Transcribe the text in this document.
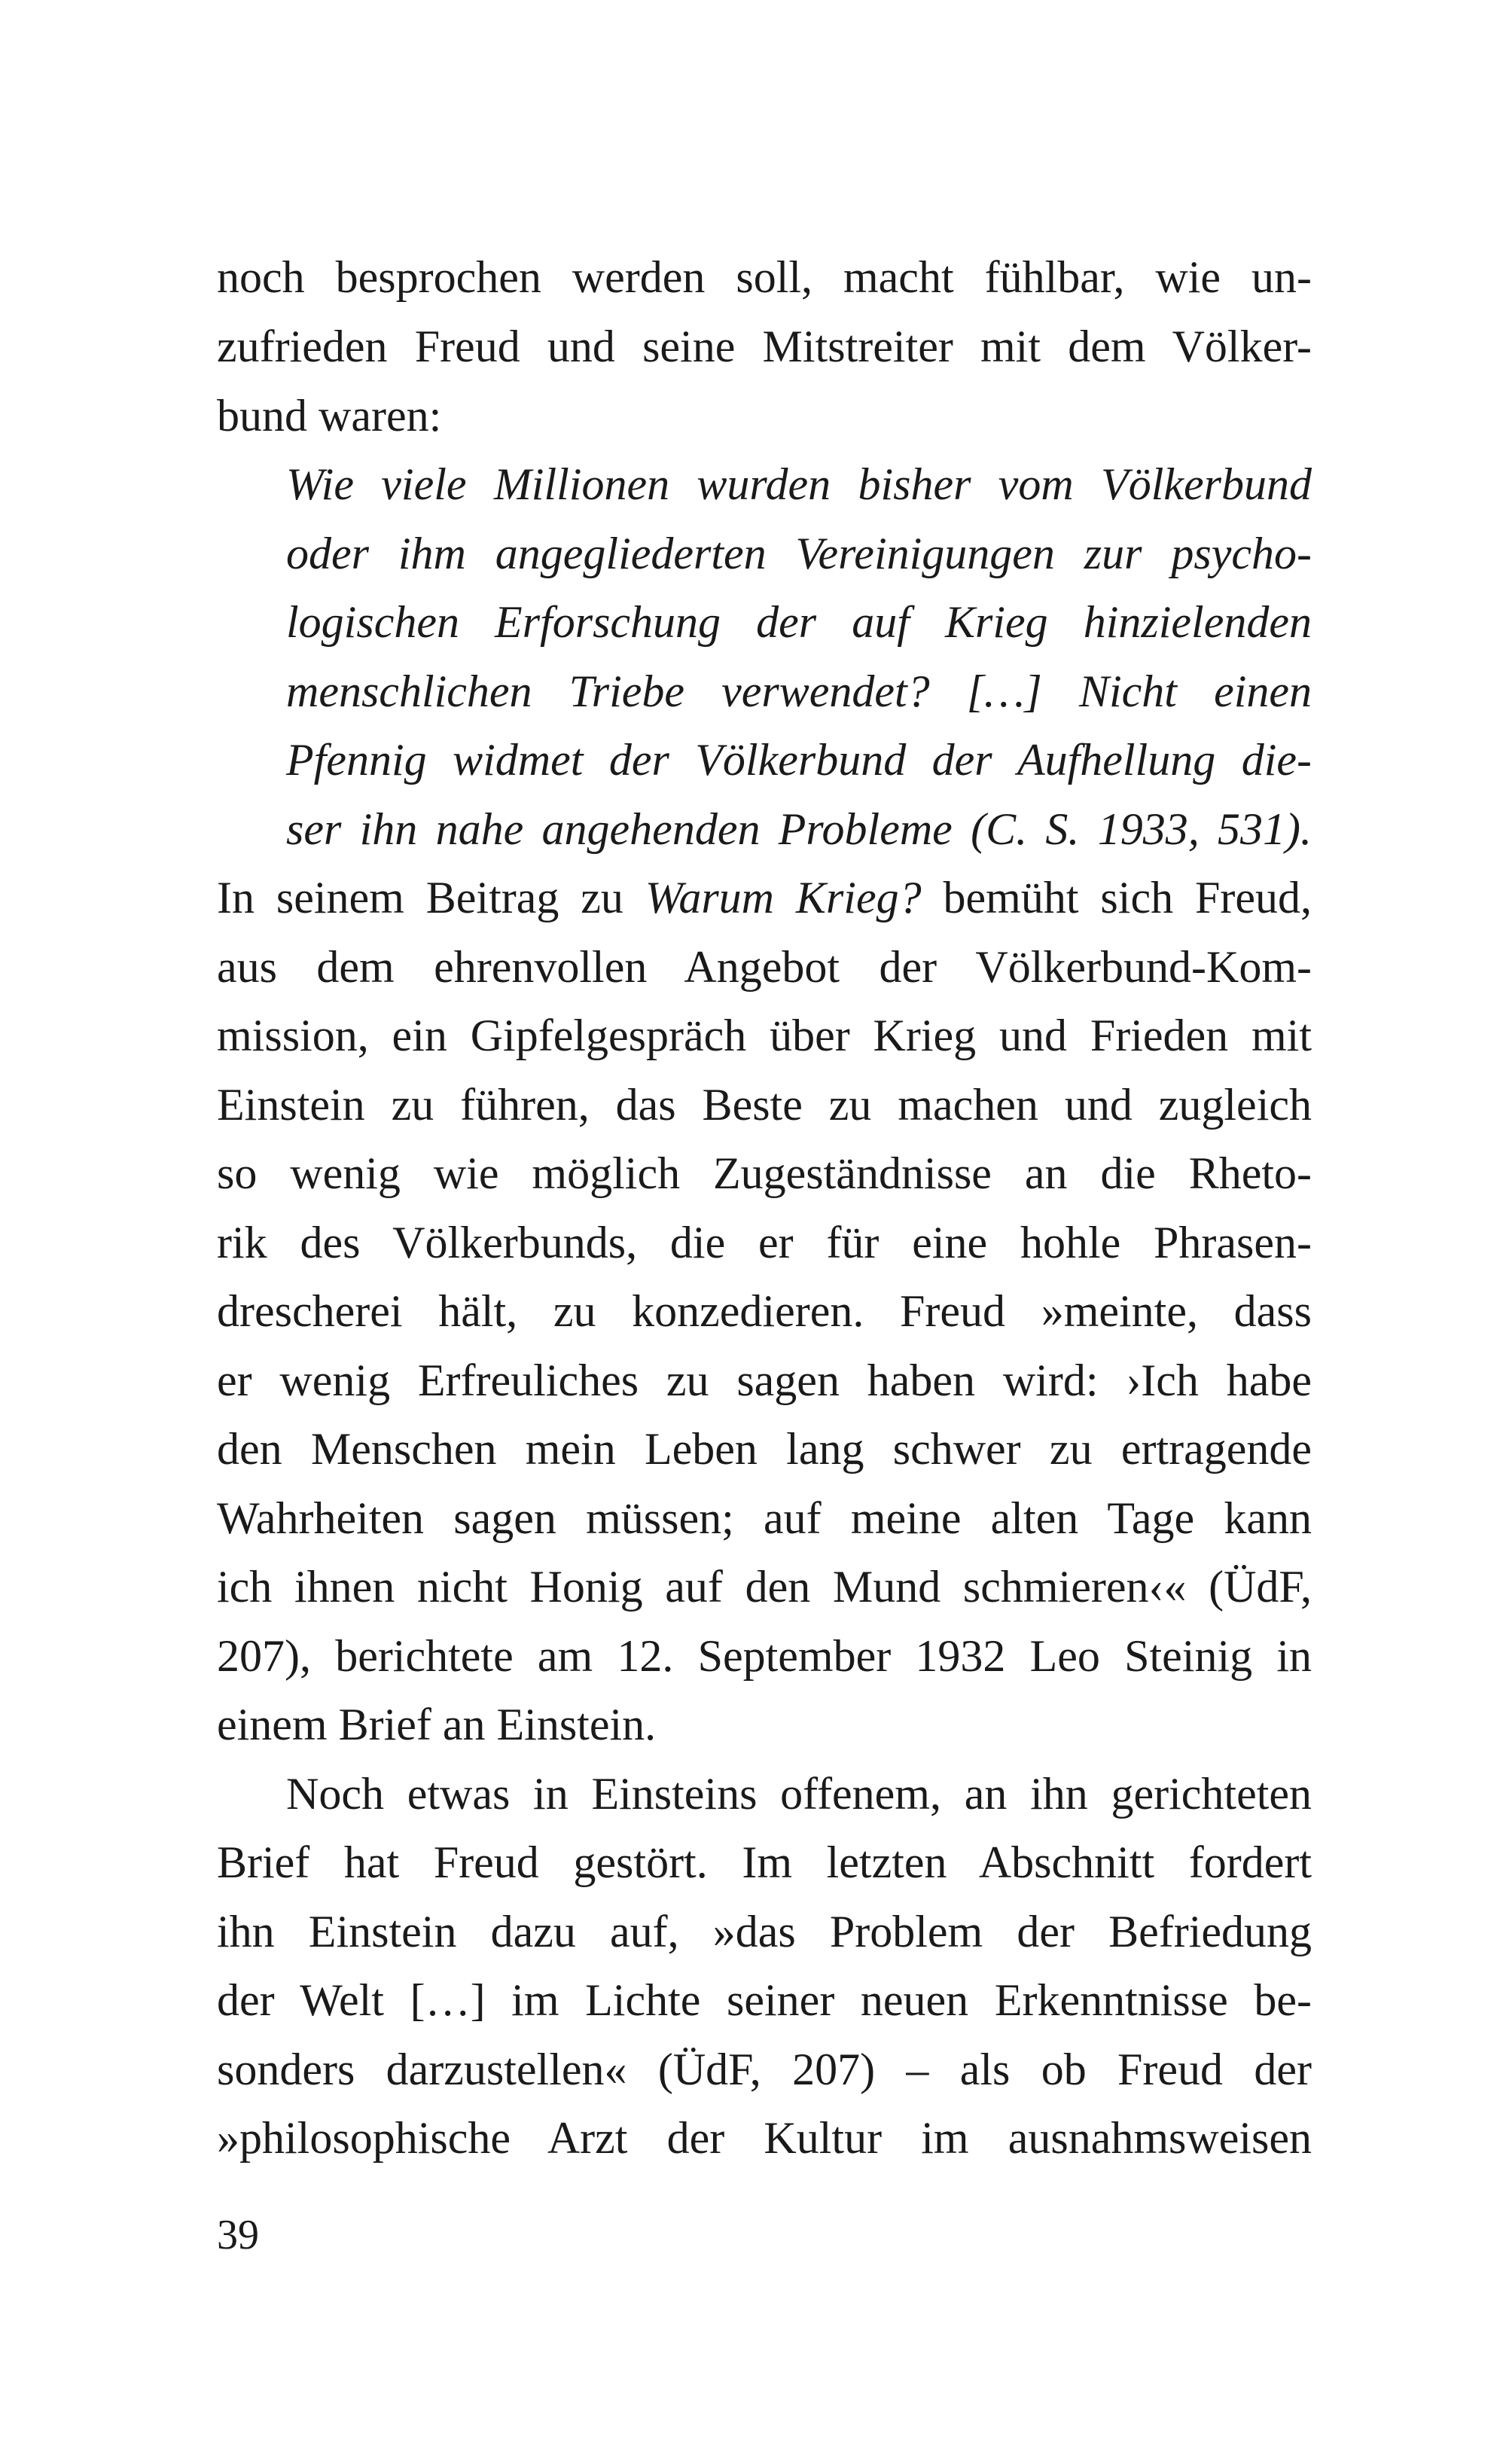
noch besprochen werden soll, macht fühlbar, wie un-
zufrieden Freud und seine Mitstreiter mit dem Völker-
bund waren:
Wie viele Millionen wurden bisher vom Völkerbund
oder ihm angegliederten Vereinigungen zur psycho-
logischen Erforschung der auf Krieg hinzielenden
menschlichen Triebe verwendet? […] Nicht einen
Pfennig widmet der Völkerbund der Aufhellung die-
ser ihn nahe angehenden Probleme (C. S. 1933, 531).
In seinem Beitrag zu Warum Krieg? bemüht sich Freud,
aus dem ehrenvollen Angebot der Völkerbund-Kom-
mission, ein Gipfelgespräch über Krieg und Frieden mit
Einstein zu führen, das Beste zu machen und zugleich
so wenig wie möglich Zugeständnisse an die Rheto-
rik des Völkerbunds, die er für eine hohle Phrasen-
drescherei hält, zu konzedieren. Freud »meinte, dass
er wenig Erfreuliches zu sagen haben wird: ›Ich habe
den Menschen mein Leben lang schwer zu ertragende
Wahrheiten sagen müssen; auf meine alten Tage kann
ich ihnen nicht Honig auf den Mund schmieren‹« (ÜdF,
207), berichtete am 12. September 1932 Leo Steinig in
einem Brief an Einstein.
Noch etwas in Einsteins offenem, an ihn gerichteten
Brief hat Freud gestört. Im letzten Abschnitt fordert
ihn Einstein dazu auf, »das Problem der Befriedung
der Welt […] im Lichte seiner neuen Erkenntnisse be-
sonders darzustellen« (ÜdF, 207) – als ob Freud der
»philosophische Arzt der Kultur im ausnahmsweisen
39
